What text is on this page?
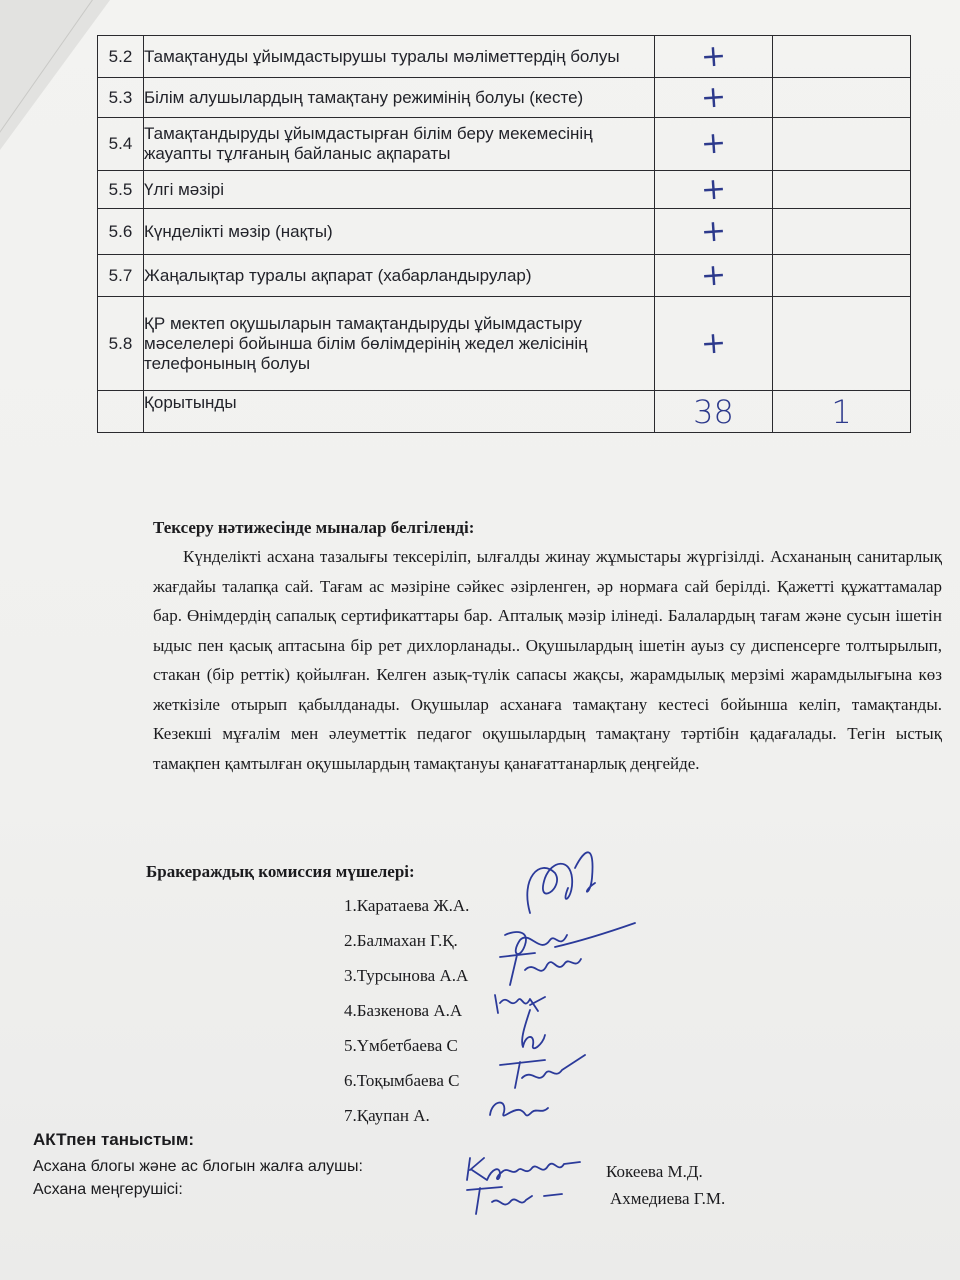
5.2	Тамақтануды ұйымдастырушы туралы мәліметтердің болуы	+	
5.3	Білім алушылардың тамақтану режимінің болуы (кесте)	+	
5.4	Тамақтандыруды ұйымдастырған білім беру мекемесінің жауапты тұлғаның байланыс ақпараты	+	
5.5	Үлгі мәзірі	+	
5.6	Күнделікті мәзір (нақты)	+	
5.7	Жаңалықтар туралы ақпарат (хабарландырулар)	+	
5.8	ҚР мектеп оқушыларын тамақтандыруды ұйымдастыру мәселелері бойынша білім бөлімдерінің жедел желісінің телефонының болуы	+	
	Қорытынды	38	1
Тексеру нәтижесінде мыналар белгіленді:
Күнделікті асхана тазалығы тексеріліп, ылғалды жинау жұмыстары жүргізілді. Асхананың санитарлық жағдайы талапқа сай. Тағам ас мәзіріне сәйкес әзірленген, әр нормаға сай берілді. Қажетті құжаттамалар бар. Өнімдердің сапалық сертификаттары бар. Апталық мәзір ілінеді. Балалардың тағам және сусын ішетін ыдыс пен қасық аптасына бір рет дихлорланады.. Оқушылардың ішетін ауыз су диспенсерге толтырылып, стакан (бір реттік) қойылған. Келген азық-түлік сапасы жақсы, жарамдылық мерзімі жарамдылығына көз жеткізіле отырып қабылданады. Оқушылар асханаға тамақтану кестесі бойынша келіп, тамақтанды. Кезекші мұғалім мен әлеуметтік педагог оқушылардың тамақтану тәртібін қадағалады. Тегін ыстық тамақпен қамтылған оқушылардың тамақтануы қанағаттанарлық деңгейде.
Бракераждық комиссия мүшелері:
1.Каратаева Ж.А.
2.Балмахан Г.Қ.
3.Турсынова А.А
4.Базкенова А.А
5.Үмбетбаева С
6.Тоқымбаева С
7.Қаупан А.
АКТпен таныстым:
Асхана блогы және ас блогын жалға алушы:
Асхана меңгерушісі:
Кокеева М.Д.
Ахмедиева Г.М.
